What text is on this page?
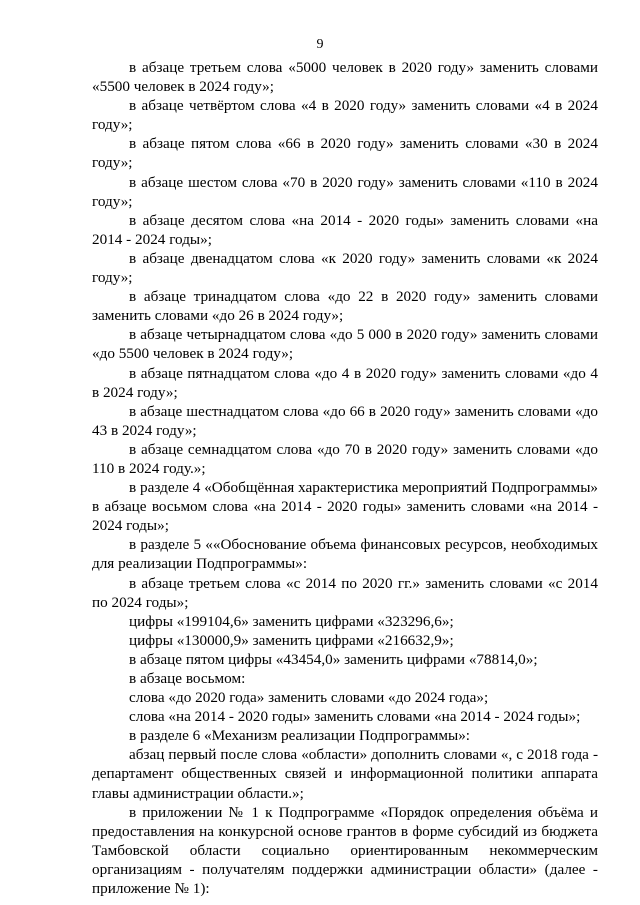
9

в абзаце третьем слова «5000 человек в 2020 году» заменить словами «5500 человек в 2024 году»;

в абзаце четвёртом слова «4 в 2020 году» заменить словами «4 в 2024 году»;

в абзаце пятом слова «66 в 2020 году» заменить словами «30 в 2024 году»;

в абзаце шестом слова «70 в 2020 году» заменить словами «110 в 2024 году»;

в абзаце десятом слова «на 2014 - 2020 годы» заменить словами «на 2014 - 2024 годы»;

в абзаце двенадцатом слова «к 2020 году» заменить словами «к 2024 году»;

в абзаце тринадцатом слова «до 22 в 2020 году» заменить словами заменить словами «до 26 в 2024 году»;

в абзаце четырнадцатом слова «до 5 000 в 2020 году» заменить словами «до 5500 человек в 2024 году»;

в абзаце пятнадцатом слова «до 4 в 2020 году» заменить словами «до 4 в 2024 году»;

в абзаце шестнадцатом слова «до 66 в 2020 году» заменить словами «до 43 в 2024 году»;

в абзаце семнадцатом слова «до 70 в 2020 году» заменить словами «до 110 в 2024 году.»;

в разделе 4 «Обобщённая характеристика мероприятий Подпрограммы» в абзаце восьмом слова «на 2014 - 2020 годы» заменить словами «на 2014 - 2024 годы»;

в разделе 5 ««Обоснование объема финансовых ресурсов, необходимых для реализации Подпрограммы»:

в абзаце третьем слова «с 2014 по 2020 гг.» заменить словами «с 2014 по 2024 годы»;

цифры «199104,6» заменить цифрами «323296,6»;

цифры «130000,9» заменить цифрами «216632,9»;

в абзаце пятом цифры «43454,0» заменить цифрами «78814,0»;

в абзаце восьмом:

слова «до 2020 года» заменить словами «до 2024 года»;

слова «на 2014 - 2020 годы» заменить словами «на 2014 - 2024 годы»;

в разделе 6 «Механизм реализации Подпрограммы»:

абзац первый после слова «области» дополнить словами «, с 2018 года - департамент общественных связей и информационной политики аппарата главы администрации области.»;

в приложении № 1 к Подпрограмме «Порядок определения объёма и предоставления на конкурсной основе грантов в форме субсидий из бюджета Тамбовской области социально ориентированным некоммерческим организациям - получателям поддержки администрации области» (далее - приложение № 1):
